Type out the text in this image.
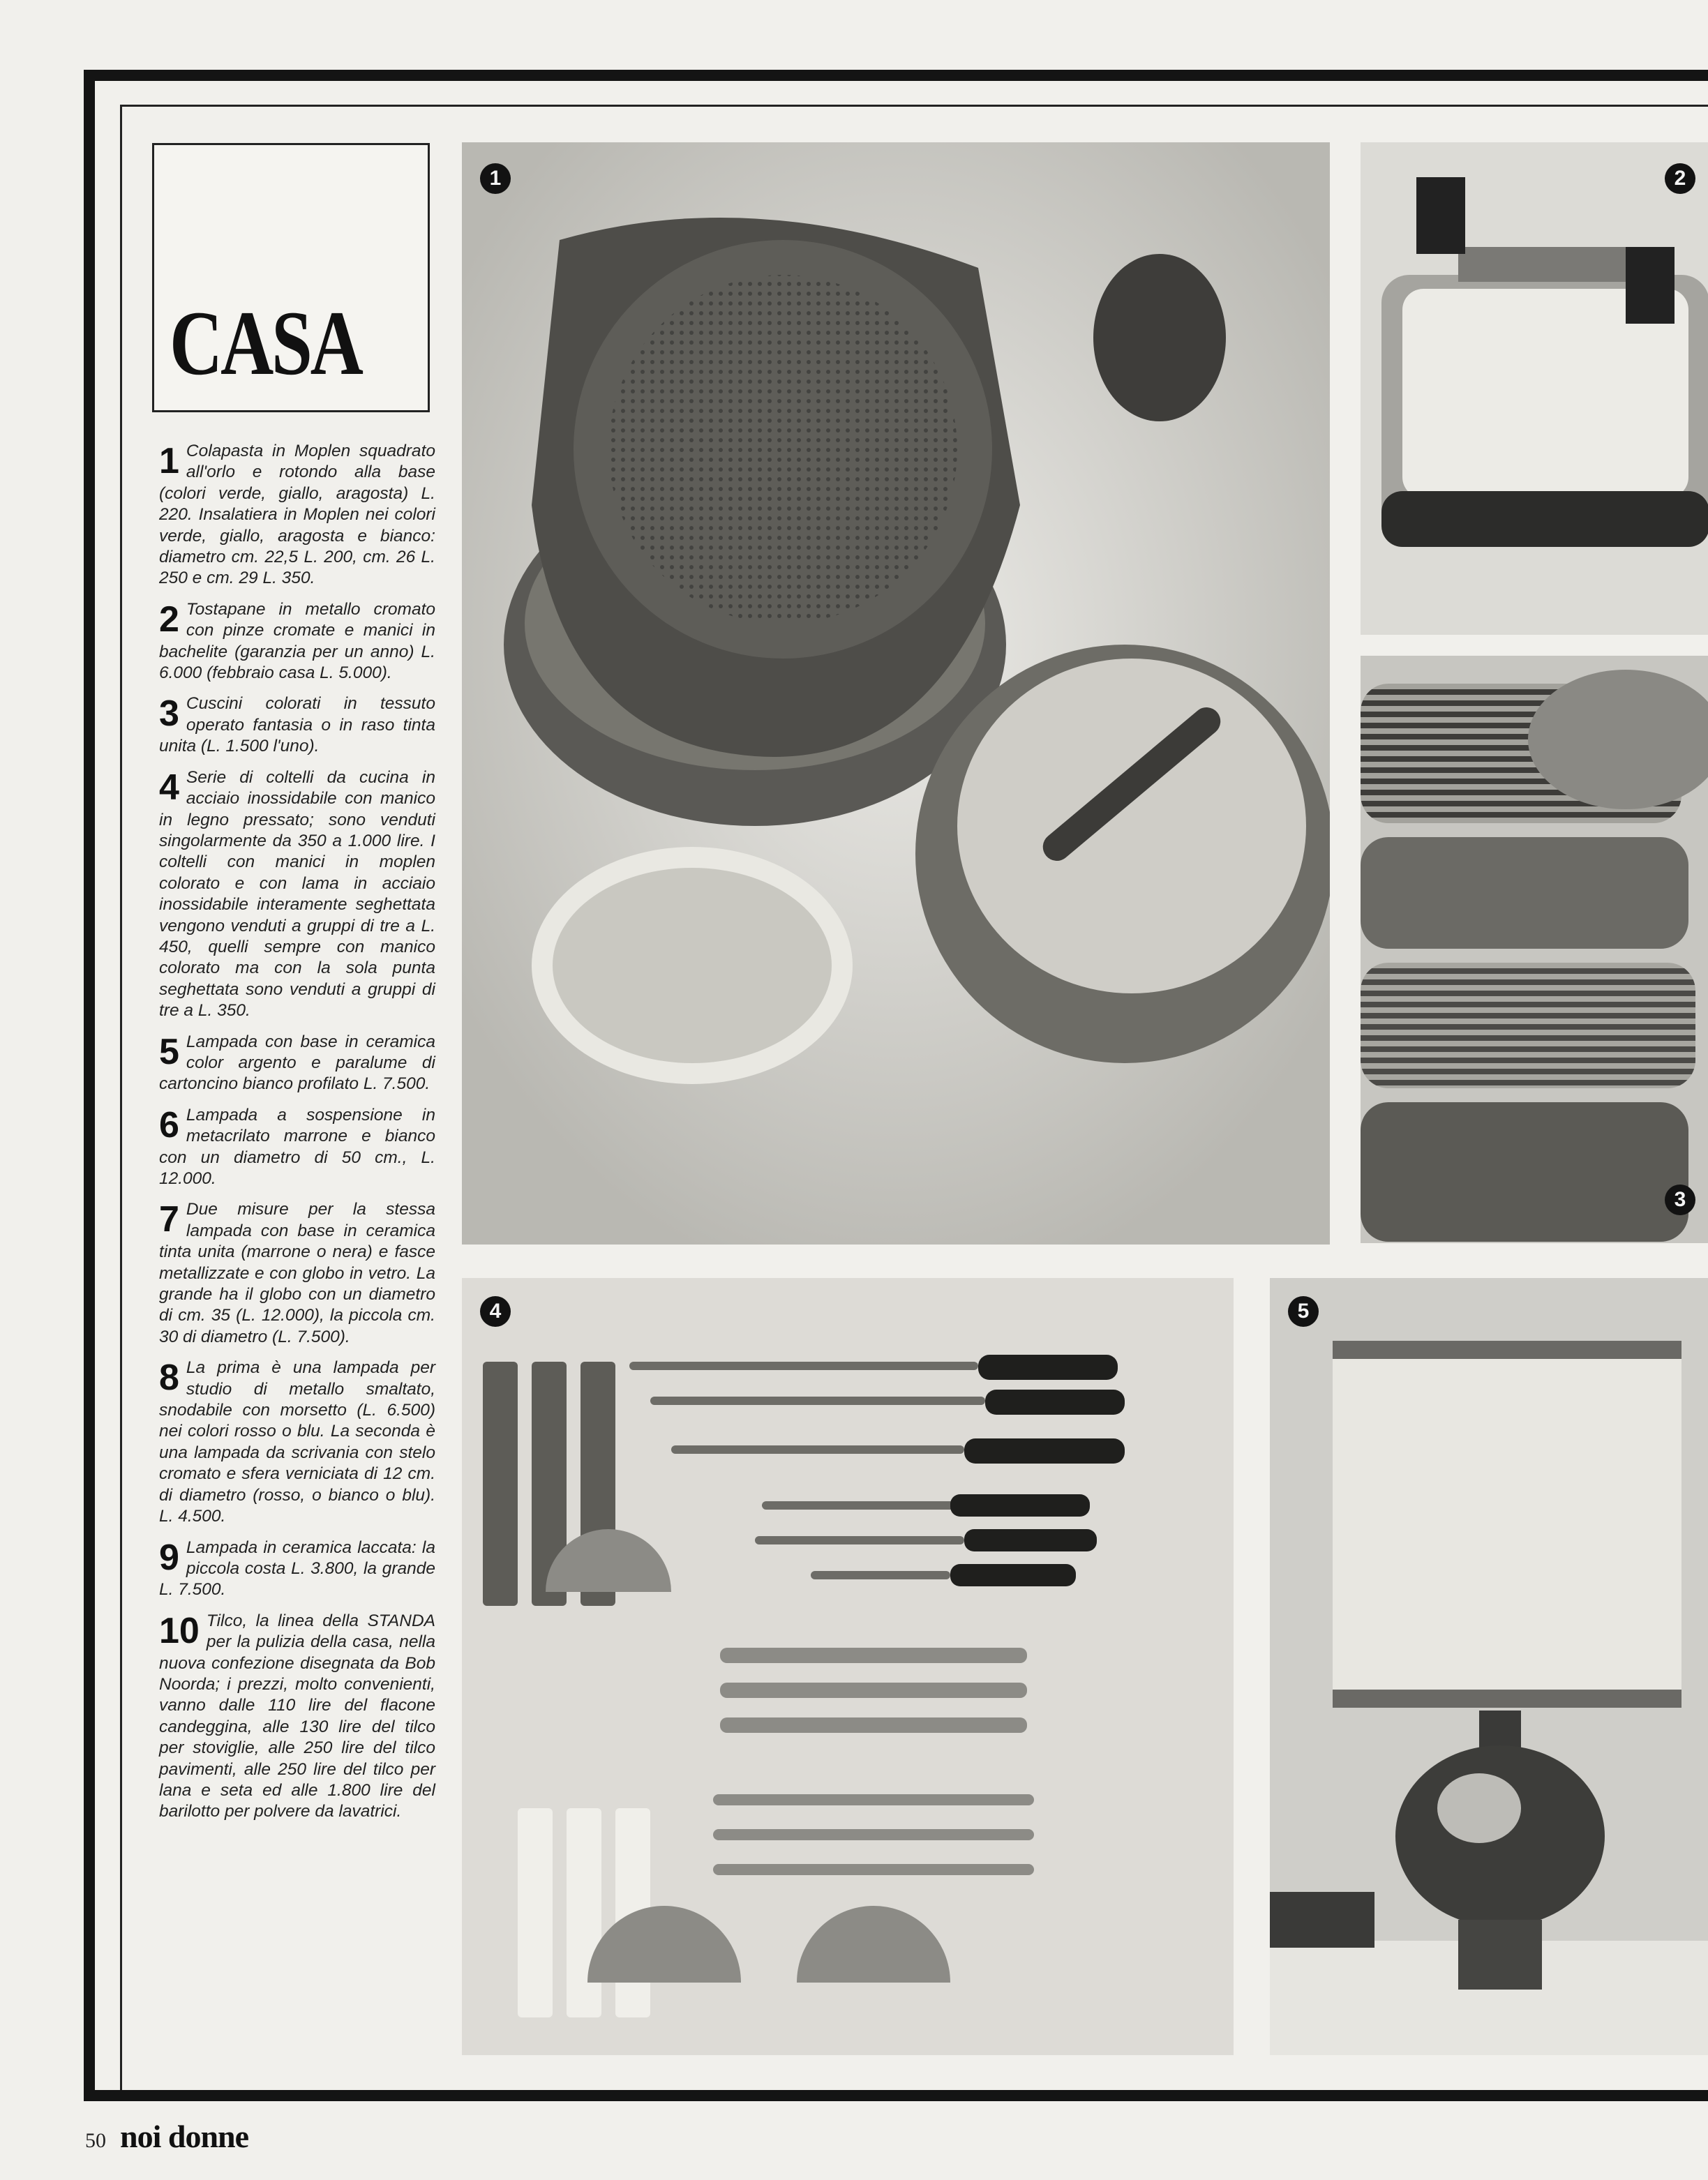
CASA

1 Colapasta in Moplen squadrato all'orlo e rotondo alla base (colori verde, giallo, aragosta) L. 220. Insalatiera in Moplen nei colori verde, giallo, aragosta e bianco: diametro cm. 22,5 L. 200, cm. 26 L. 250 e cm. 29 L. 350.

2 Tostapane in metallo cromato con pinze cromate e manici in bachelite (garanzia per un anno) L. 6.000 (febbraio casa L. 5.000).

3 Cuscini colorati in tessuto operato fantasia o in raso tinta unita (L. 1.500 l'uno).

4 Serie di coltelli da cucina in acciaio inossidabile con manico in legno pressato; sono venduti singolarmente da 350 a 1.000 lire. I coltelli con manici in moplen colorato e con lama in acciaio inossidabile interamente seghettata vengono venduti a gruppi di tre a L. 450, quelli sempre con manico colorato ma con la sola punta seghettata sono venduti a gruppi di tre a L. 350.

5 Lampada con base in ceramica color argento e paralume di cartoncino bianco profilato L. 7.500.

6 Lampada a sospensione in metacrilato marrone e bianco con un diametro di 50 cm., L. 12.000.

7 Due misure per la stessa lampada con base in ceramica tinta unita (marrone o nera) e fasce metallizzate e con globo in vetro. La grande ha il globo con un diametro di cm. 35 (L. 12.000), la piccola cm. 30 di diametro (L. 7.500).

8 La prima è una lampada per studio di metallo smaltato, snodabile con morsetto (L. 6.500) nei colori rosso o blu. La seconda è una lampada da scrivania con stelo cromato e sfera verniciata di 12 cm. di diametro (rosso, o bianco o blu). L. 4.500.

9 Lampada in ceramica laccata: la piccola costa L. 3.800, la grande L. 7.500.

10 Tilco, la linea della STANDA per la pulizia della casa, nella nuova confezione disegnata da Bob Noorda; i prezzi, molto convenienti, vanno dalle 110 lire del flacone candeggina, alle 130 lire del tilco per stoviglie, alle 250 lire del tilco pavimenti, alle 250 lire del tilco per lana e seta ed alle 1.800 lire del barilotto per polvere da lavatrici.

1	2
3
4	5
50 noi donne
